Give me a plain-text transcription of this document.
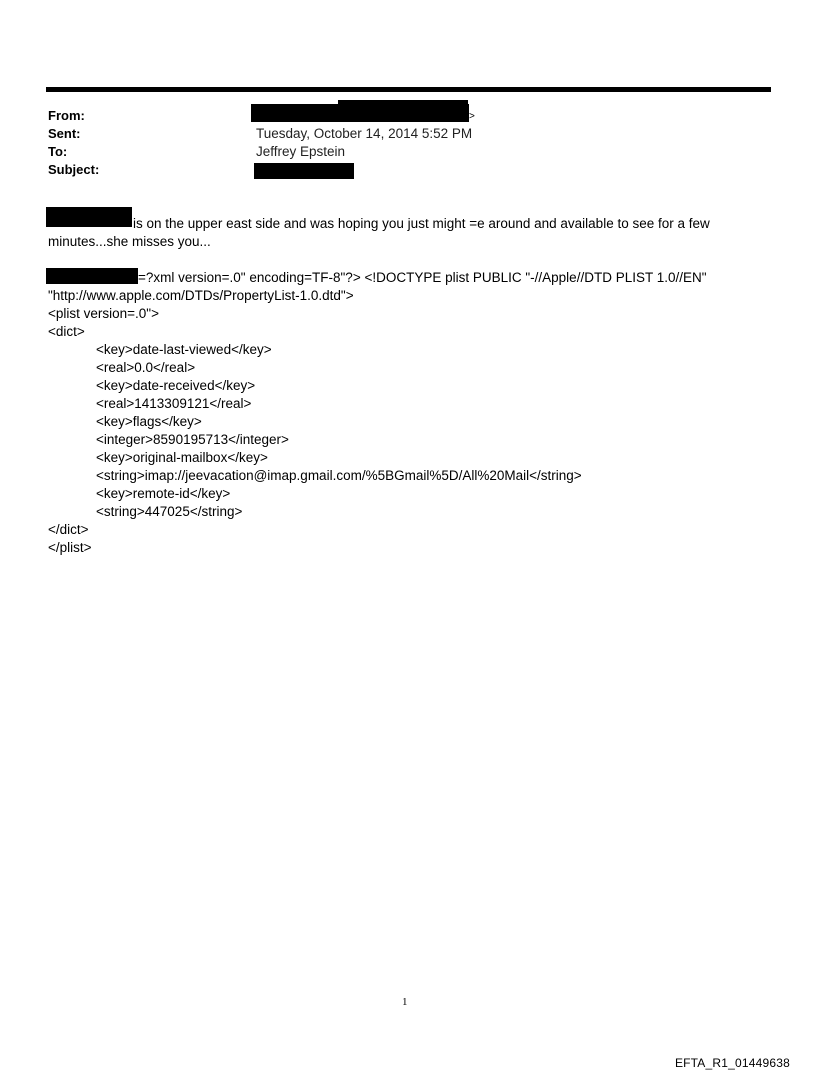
From:
Sent:
To:
Subject:
>
Tuesday, October 14, 2014 5:52 PM
Jeffrey Epstein
is on the upper east side and was hoping you just might =e around and available to see for a few
minutes...she misses you...
=?xml version=.0" encoding=TF-8"?> <!DOCTYPE plist PUBLIC "-//Apple//DTD PLIST 1.0//EN"
"http://www.apple.com/DTDs/PropertyList-1.0.dtd">
<plist version=.0">
<dict>
<key>date-last-viewed</key>
<real>0.0</real>
<key>date-received</key>
<real>1413309121</real>
<key>flags</key>
<integer>8590195713</integer>
<key>original-mailbox</key>
<string>imap://jeevacation@imap.gmail.com/%5BGmail%5D/All%20Mail</string>
<key>remote-id</key>
<string>447025</string>
</dict>
</plist>
1
EFTA_R1_01449638
